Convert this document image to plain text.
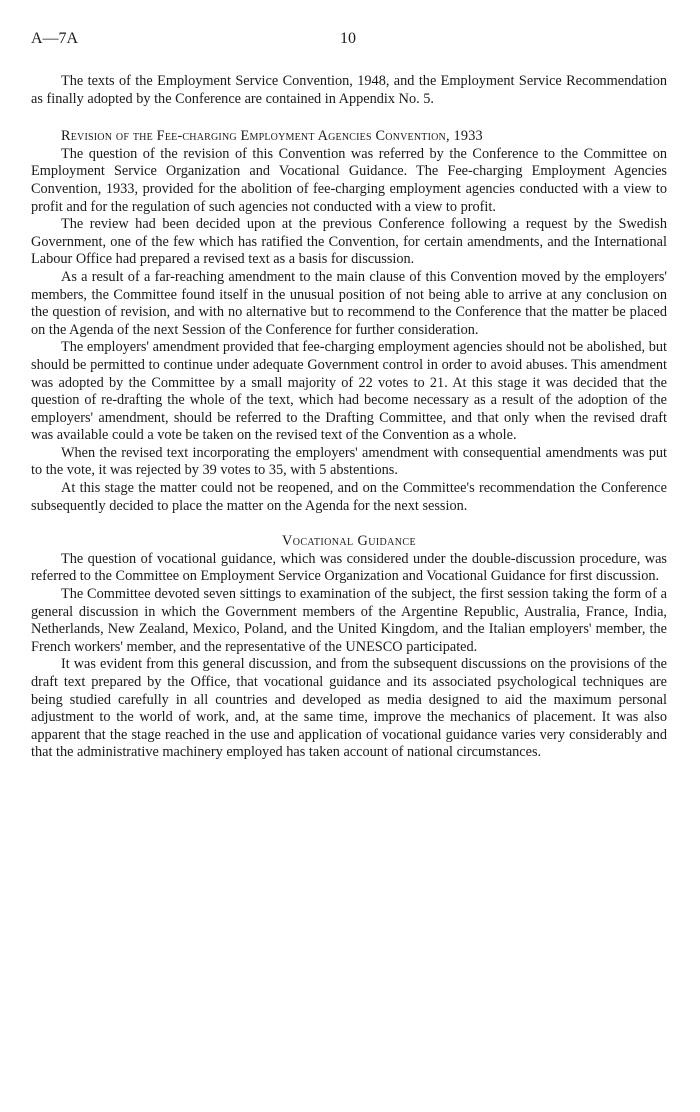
A—7A	10

The texts of the Employment Service Convention, 1948, and the Employment Service Recommendation as finally adopted by the Conference are contained in Appendix No. 5.

Revision of the Fee-charging Employment Agencies Convention, 1933

The question of the revision of this Convention was referred by the Conference to the Committee on Employment Service Organization and Vocational Guidance. The Fee-charging Employment Agencies Convention, 1933, provided for the abolition of fee-charging employment agencies conducted with a view to profit and for the regulation of such agencies not conducted with a view to profit.

The review had been decided upon at the previous Conference following a request by the Swedish Government, one of the few which has ratified the Convention, for certain amendments, and the International Labour Office had prepared a revised text as a basis for discussion.

As a result of a far-reaching amendment to the main clause of this Convention moved by the employers' members, the Committee found itself in the unusual position of not being able to arrive at any conclusion on the question of revision, and with no alternative but to recommend to the Conference that the matter be placed on the Agenda of the next Session of the Conference for further consideration.

The employers' amendment provided that fee-charging employment agencies should not be abolished, but should be permitted to continue under adequate Government control in order to avoid abuses. This amendment was adopted by the Committee by a small majority of 22 votes to 21. At this stage it was decided that the question of re-drafting the whole of the text, which had become necessary as a result of the adoption of the employers' amendment, should be referred to the Drafting Committee, and that only when the revised draft was available could a vote be taken on the revised text of the Convention as a whole.

When the revised text incorporating the employers' amendment with consequential amendments was put to the vote, it was rejected by 39 votes to 35, with 5 abstentions.

At this stage the matter could not be reopened, and on the Committee's recommendation the Conference subsequently decided to place the matter on the Agenda for the next session.

Vocational Guidance

The question of vocational guidance, which was considered under the double-discussion procedure, was referred to the Committee on Employment Service Organization and Vocational Guidance for first discussion.

The Committee devoted seven sittings to examination of the subject, the first session taking the form of a general discussion in which the Government members of the Argentine Republic, Australia, France, India, Netherlands, New Zealand, Mexico, Poland, and the United Kingdom, and the Italian employers' member, the French workers' member, and the representative of the UNESCO participated.

It was evident from this general discussion, and from the subsequent discussions on the provisions of the draft text prepared by the Office, that vocational guidance and its associated psychological techniques are being studied carefully in all countries and developed as media designed to aid the maximum personal adjustment to the world of work, and, at the same time, improve the mechanics of placement. It was also apparent that the stage reached in the use and application of vocational guidance varies very considerably and that the administrative machinery employed has taken account of national circumstances.
